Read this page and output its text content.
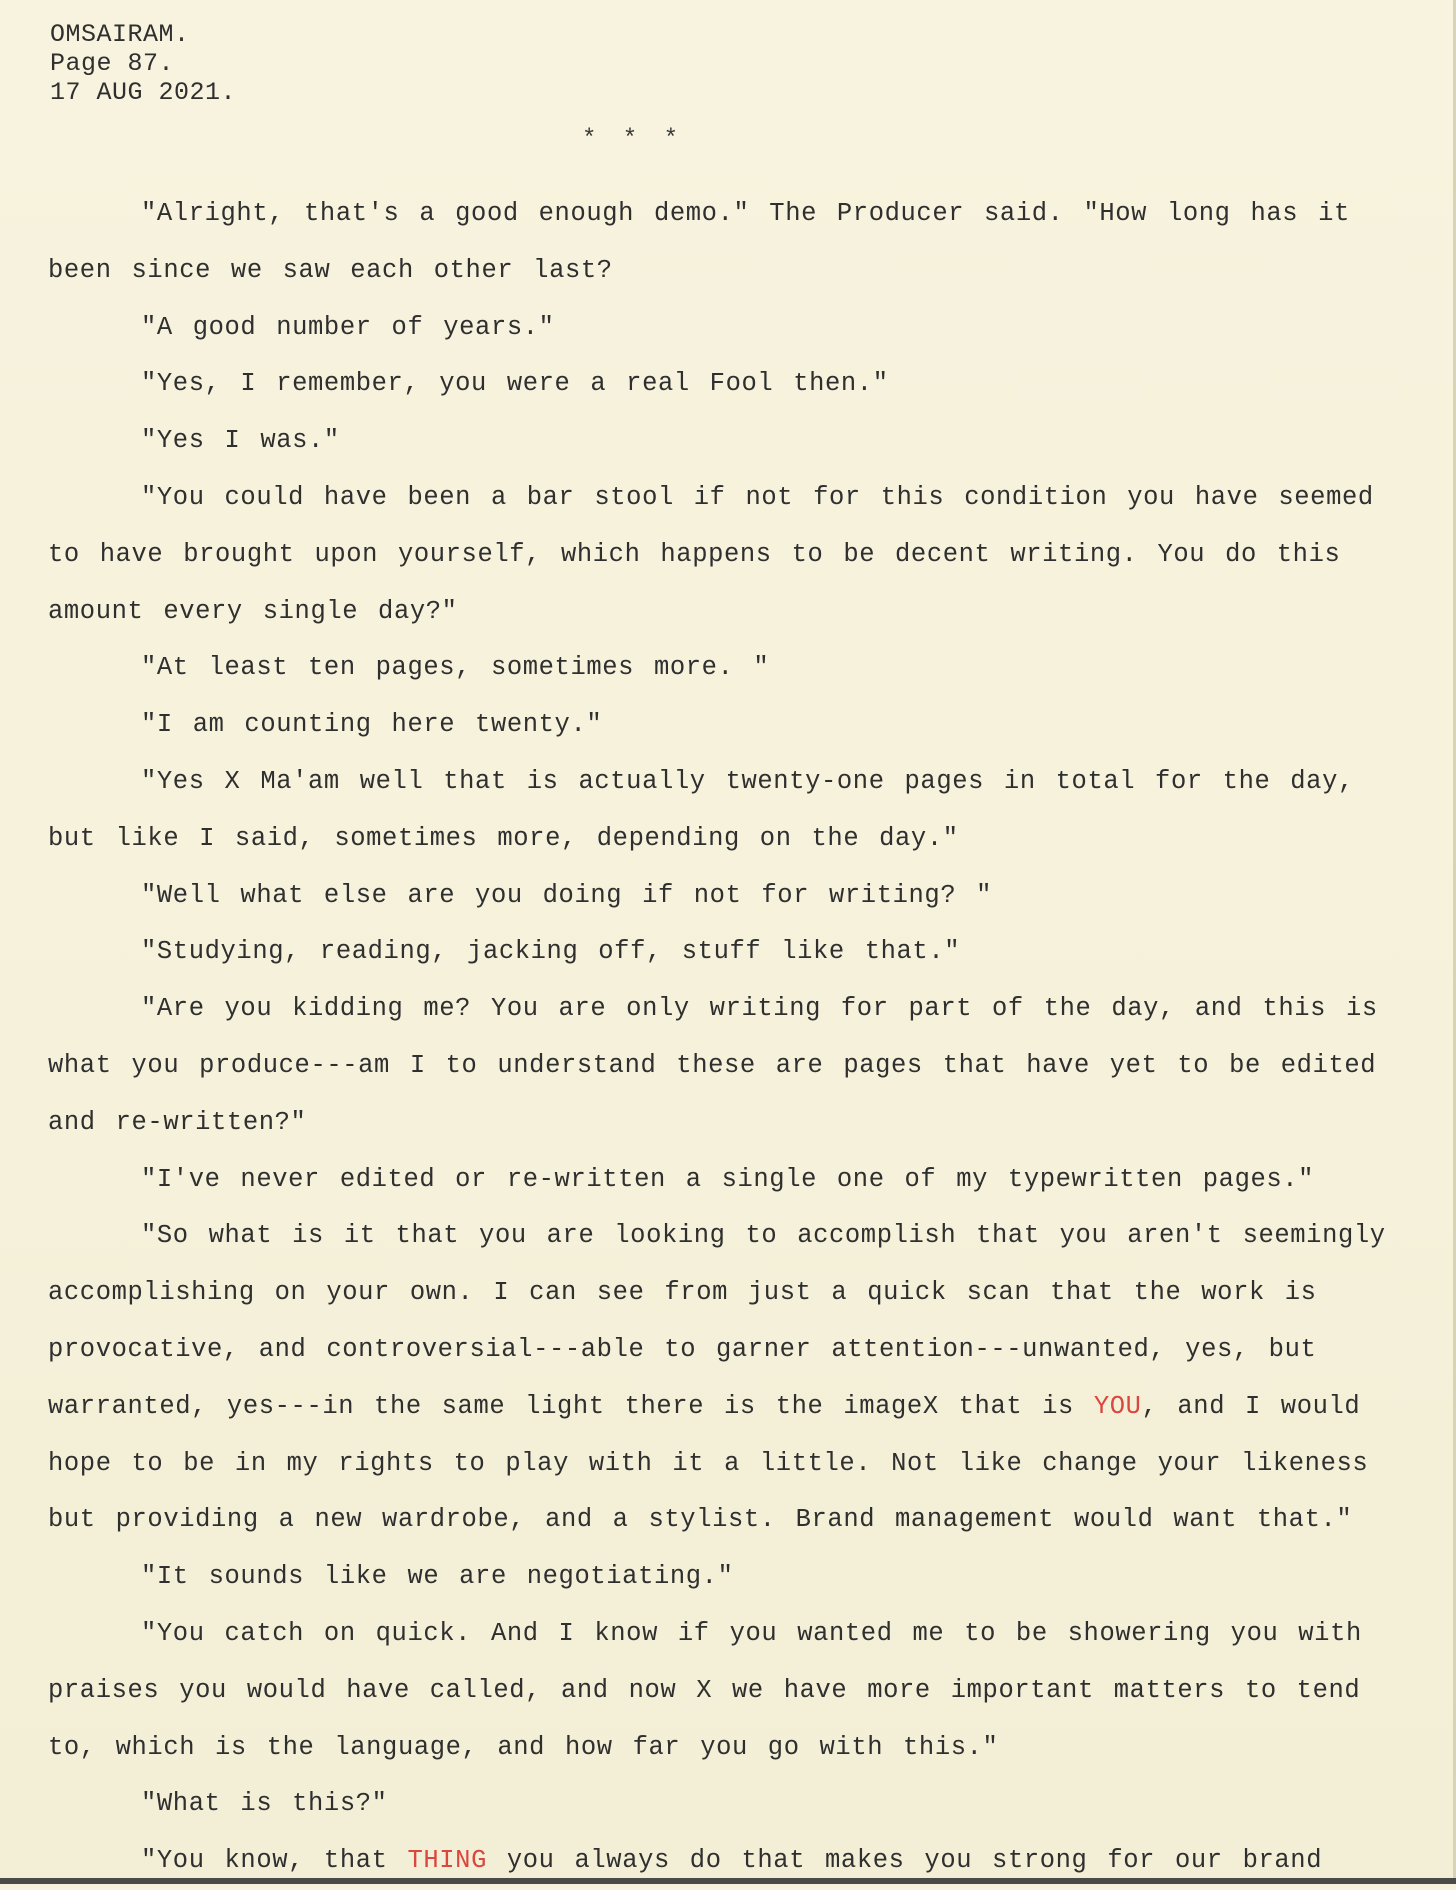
OMSAIRAM.
Page 87.
17 AUG 2021.
* * *
"Alright, that's a good enough demo." The Producer said. "How long has it
been since we saw each other last?
"A good number of years."
"Yes, I remember, you were a real Fool then."
"Yes I was."
"You could have been a bar stool if not for this condition you have seemed
to have brought upon yourself, which happens to be decent writing. You do this
amount every single day?"
"At least ten pages, sometimes more. "
"I am counting here twenty."
"Yes X Ma'am well that is actually twenty-one pages in total for the day,
but like I said, sometimes more, depending on the day."
"Well what else are you doing if not for writing? "
"Studying, reading, jacking off, stuff like that."
"Are you kidding me? You are only writing for part of the day, and this is
what you produce---am I to understand these are pages that have yet to be edited
and re-written?"
"I've never edited or re-written a single one of my typewritten pages."
"So what is it that you are looking to accomplish that you aren't seemingly
accomplishing on your own. I can see from just a quick scan that the work is
provocative, and controversial---able to garner attention---unwanted, yes, but
warranted, yes---in the same light there is the imageX that is YOU, and I would
hope to be in my rights to play with it a little. Not like change your likeness
but providing a new wardrobe, and a stylist. Brand management would want that."
"It sounds like we are negotiating."
"You catch on quick. And I know if you wanted me to be showering you with
praises you would have called, and now X we have more important matters to tend
to, which is the language, and how far you go with this."
"What is this?"
"You know, that THING you always do that makes you strong for our brand
